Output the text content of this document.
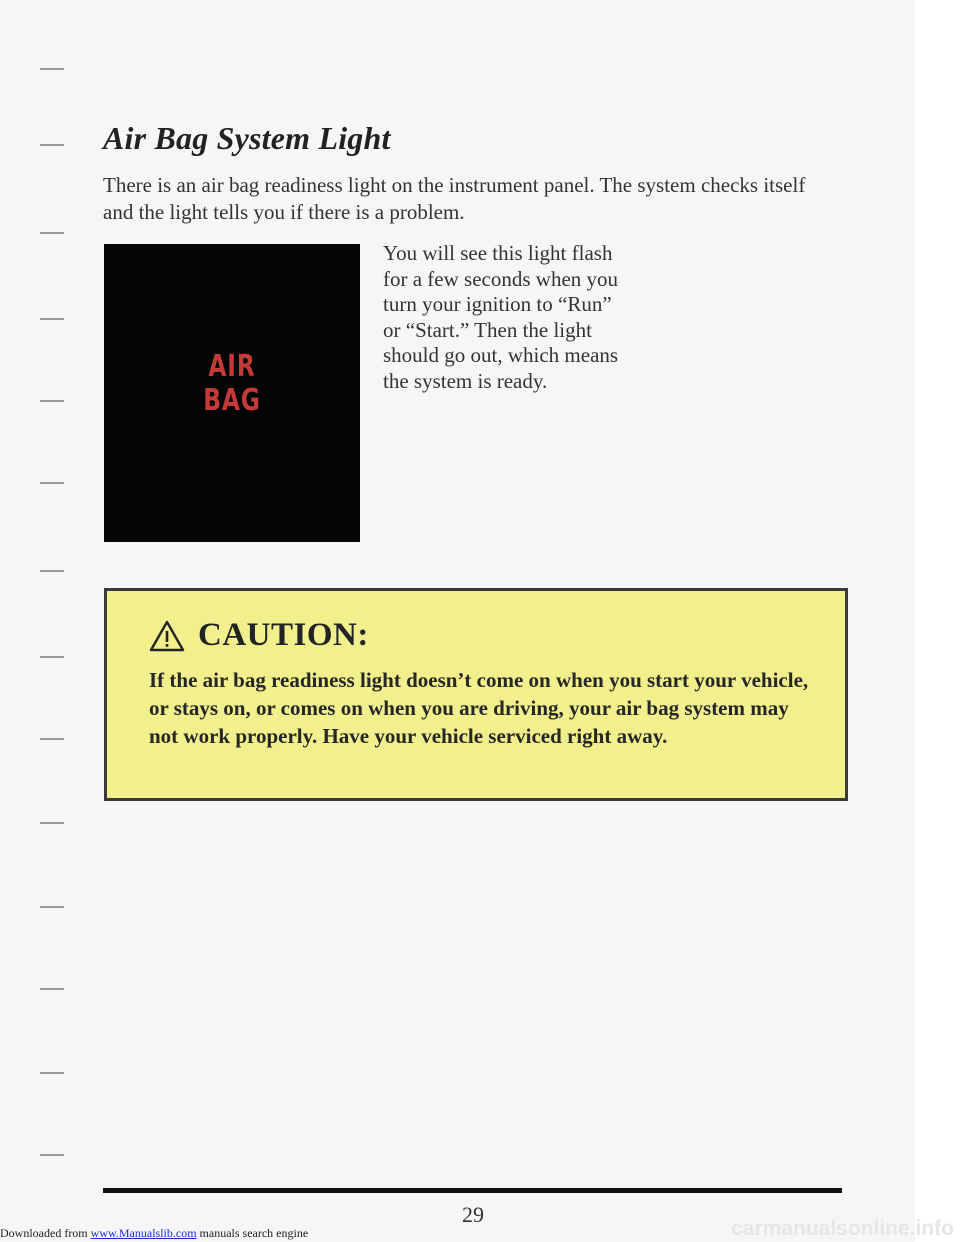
Air Bag System Light

There is an air bag readiness light on the instrument panel. The system checks itself and the light tells you if there is a problem.

AIR
BAG

You will see this light flash for a few seconds when you turn your ignition to “Run” or “Start.” Then the light should go out, which means the system is ready.

CAUTION:

If the air bag readiness light doesn’t come on when you start your vehicle, or stays on, or comes on when you are driving, your air bag system may not work properly. Have your vehicle serviced right away.

29
Downloaded from www.Manualslib.com manuals search engine	carmanualsonline.info
